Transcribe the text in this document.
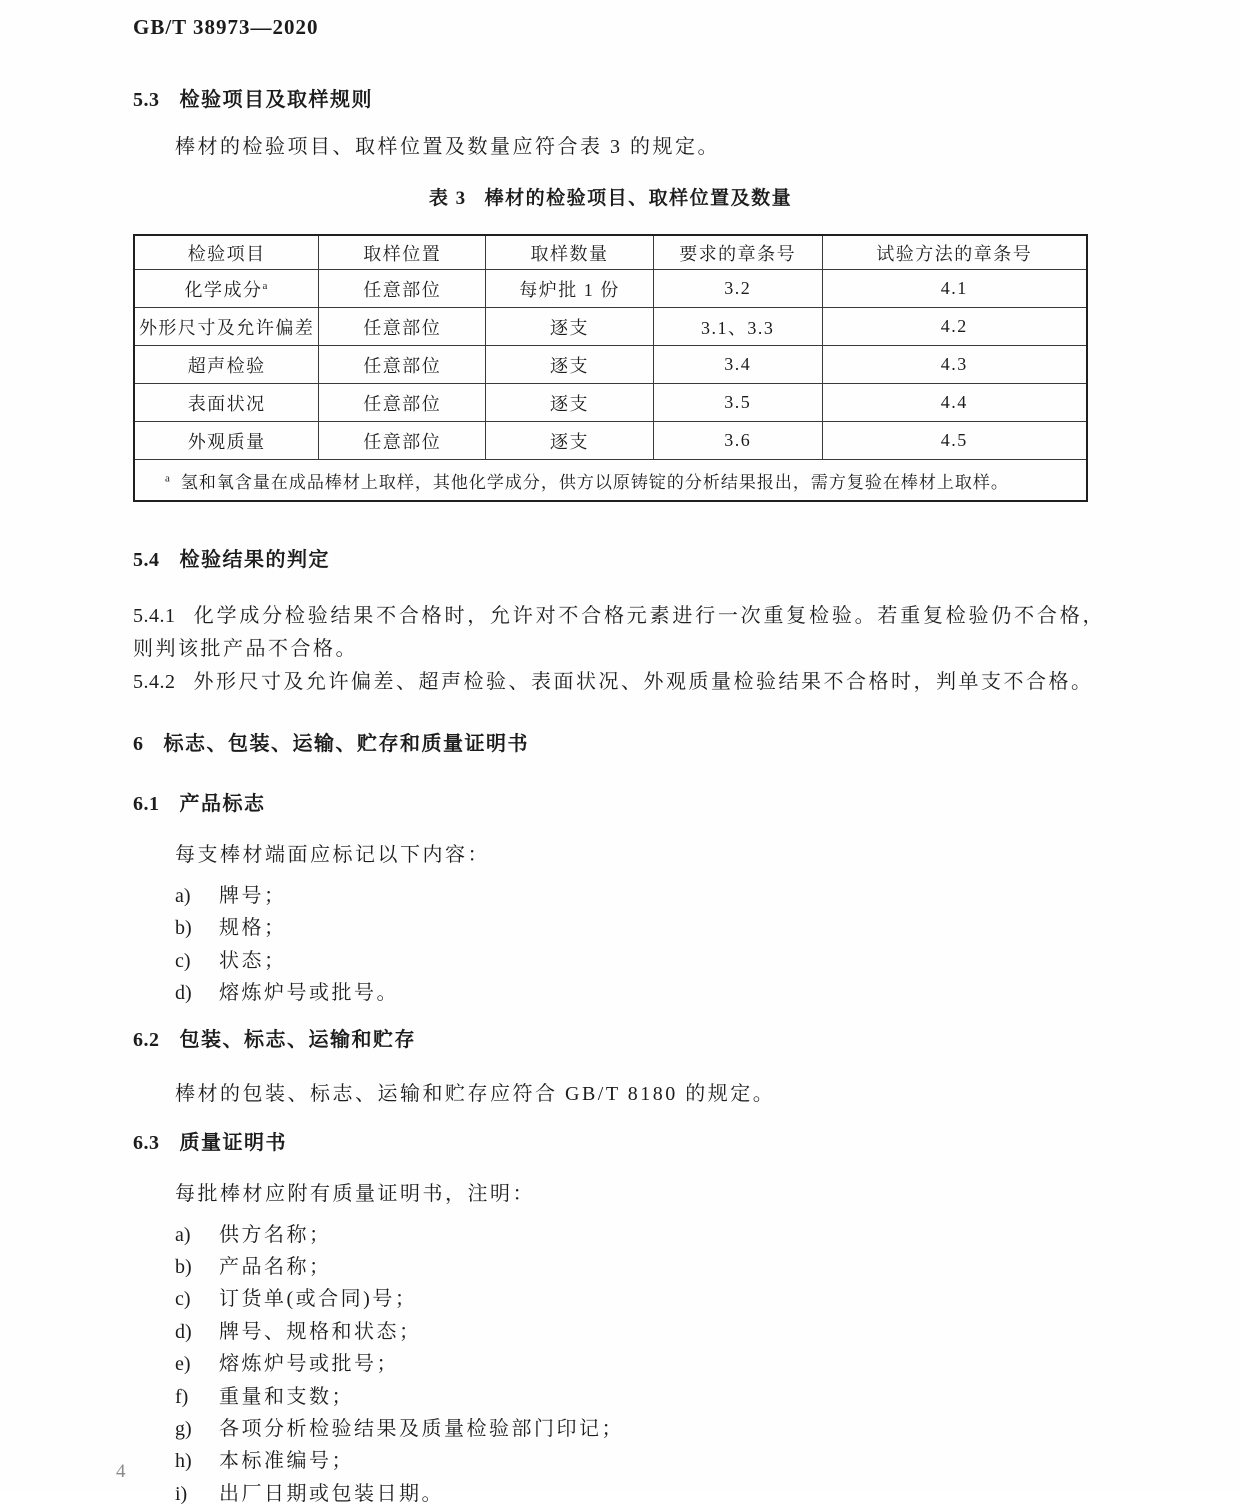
GB/T 38973—2020
5.3 检验项目及取样规则

棒材的检验项目、取样位置及数量应符合表 3 的规定。

表 3 棒材的检验项目、取样位置及数量
检验项目	取样位置	取样数量	要求的章条号	试验方法的章条号
化学成分$^a$	任意部位	每炉批 1 份	3.2	4.1
外形尺寸及允许偏差	任意部位	逐支	3.1、3.3	4.2
超声检验	任意部位	逐支	3.4	4.3
表面状况	任意部位	逐支	3.5	4.4
外观质量	任意部位	逐支	3.6	4.5
$^a$ 氢和氧含量在成品棒材上取样，其他化学成分，供方以原铸锭的分析结果报出，需方复验在棒材上取样。				
5.4 检验结果的判定

5.4.1 化学成分检验结果不合格时，允许对不合格元素进行一次重复检验。若重复检验仍不合格，则判该批产品不合格。

5.4.2 外形尺寸及允许偏差、超声检验、表面状况、外观质量检验结果不合格时，判单支不合格。

6 标志、包装、运输、贮存和质量证明书
6.1 产品标志

每支棒材端面应标记以下内容：

a) 牌号；
b) 规格；
c) 状态；
d) 熔炼炉号或批号。
6.2 包装、标志、运输和贮存

棒材的包装、标志、运输和贮存应符合 GB/T 8180 的规定。

6.3 质量证明书

每批棒材应附有质量证明书，注明：

a) 供方名称；
b) 产品名称；
c) 订货单(或合同)号；
d) 牌号、规格和状态；
e) 熔炼炉号或批号；
f) 重量和支数；
g) 各项分析检验结果及质量检验部门印记；
h) 本标准编号；
i) 出厂日期或包装日期。
4
